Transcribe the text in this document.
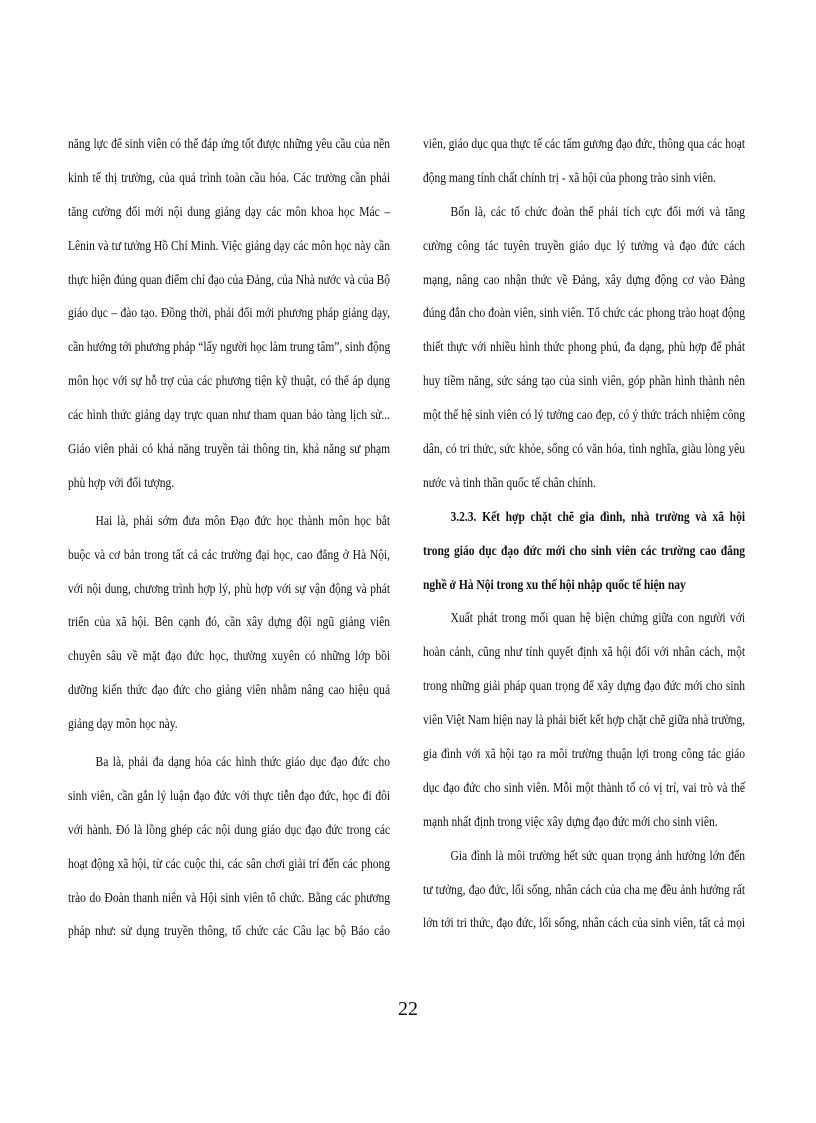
năng lực để sinh viên có thể đáp ứng tốt được những yêu cầu của nền
kinh tế thị trường, của quá trình toàn cầu hóa. Các trường cần phải
tăng cường đổi mới nội dung giảng dạy các môn khoa học Mác –
Lênin và tư tưởng Hồ Chí Minh. Việc giảng dạy các môn học này cần
thực hiện đúng quan điểm chỉ đạo của Đảng, của Nhà nước và của Bộ
giáo dục – đào tạo. Đồng thời, phải đổi mới phương pháp giảng dạy,
cần hướng tới phương pháp “lấy người học làm trung tâm”, sinh động
môn học với sự hỗ trợ của các phương tiện kỹ thuật, có thể áp dụng
các hình thức giảng dạy trực quan như tham quan bảo tàng lịch sử...
Giáo viên phải có khả năng truyền tải thông tin, khả năng sư phạm
phù hợp với đối tượng.
Hai là, phải sớm đưa môn Đạo đức học thành môn học bắt
buộc và cơ bản trong tất cả các trường đại học, cao đẳng ở Hà Nội,
với nội dung, chương trình hợp lý, phù hợp với sự vận động và phát
triển của xã hội. Bên cạnh đó, cần xây dựng đội ngũ giảng viên
chuyên sâu về mặt đạo đức học, thường xuyên có những lớp bồi
dưỡng kiến thức đạo đức cho giảng viên nhằm nâng cao hiệu quả
giảng dạy môn học này.
Ba là, phải đa dạng hóa các hình thức giáo dục đạo đức cho
sinh viên, cần gắn lý luận đạo đức với thực tiễn đạo đức, học đi đôi
với hành. Đó là lồng ghép các nội dung giáo dục đạo đức trong các
hoạt động xã hội, từ các cuộc thi, các sân chơi giải trí đến các phong
trào do Đoàn thanh niên và Hội sinh viên tổ chức. Bằng các phương
pháp như: sử dụng truyền thông, tổ chức các Câu lạc bộ Báo cáo
viên, giáo dục qua thực tế các tấm gương đạo đức, thông qua các hoạt
động mang tính chất chính trị - xã hội của phong trào sinh viên.
Bốn là, các tổ chức đoàn thể phải tích cực đổi mới và tăng
cường công tác tuyên truyền giáo dục lý tưởng và đạo đức cách
mạng, nâng cao nhận thức về Đảng, xây dựng động cơ vào Đảng
đúng đắn cho đoàn viên, sinh viên. Tổ chức các phong trào hoạt động
thiết thực với nhiều hình thức phong phú, đa dạng, phù hợp để phát
huy tiềm năng, sức sáng tạo của sinh viên, góp phần hình thành nên
một thế hệ sinh viên có lý tưởng cao đẹp, có ý thức trách nhiệm công
dân, có tri thức, sức khỏe, sống có văn hóa, tình nghĩa, giàu lòng yêu
nước và tinh thần quốc tế chân chính.
3.2.3. Kết hợp chặt chẽ gia đình, nhà trường và xã hội
trong giáo dục đạo đức mới cho sinh viên các trường cao đẳng
nghề ở Hà Nội trong xu thế hội nhập quốc tế hiện nay
Xuất phát trong mối quan hệ biện chứng giữa con người với
hoàn cảnh, cũng như tính quyết định xã hội đối với nhân cách, một
trong những giải pháp quan trọng để xây dựng đạo đức mới cho sinh
viên Việt Nam hiện nay là phải biết kết hợp chặt chẽ giữa nhà trường,
gia đình với xã hội tạo ra môi trường thuận lợi trong công tác giáo
dục đạo đức cho sinh viên. Mỗi một thành tố có vị trí, vai trò và thế
mạnh nhất định trong việc xây dựng đạo đức mới cho sinh viên.
Gia đình là môi trường hết sức quan trọng ảnh hưởng lớn đến
tư tưởng, đạo đức, lối sống, nhân cách của cha mẹ đều ảnh hưởng rất
lớn tới tri thức, đạo đức, lối sống, nhân cách của sinh viên, tất cả mọi
22
